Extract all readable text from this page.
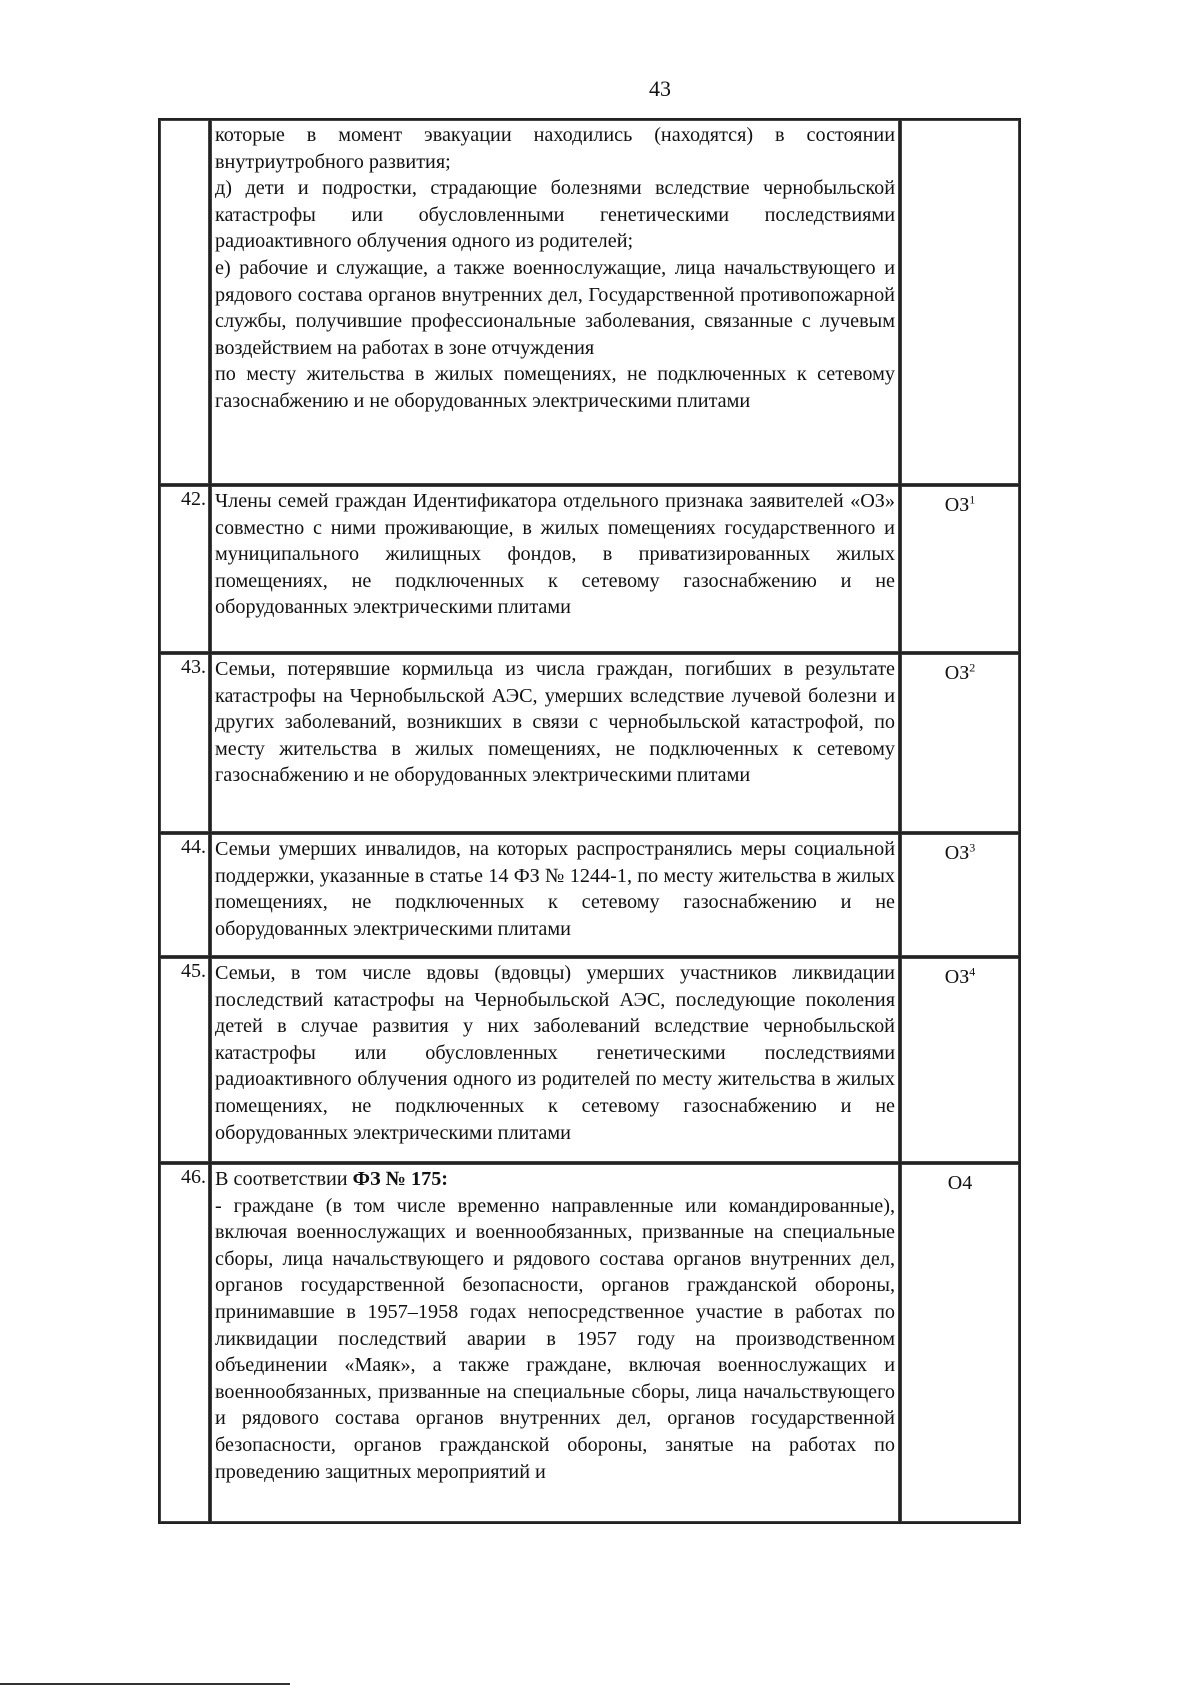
43

	которые в момент эвакуации находились (находятся) в состоянии внутриутробного развития;
д) дети и подростки, страдающие болезнями вследствие чернобыльской катастрофы или обусловленными генетическими последствиями радиоактивного облучения одного из родителей;
е) рабочие и служащие, а также военнослужащие, лица начальствующего и рядового состава органов внутренних дел, Государственной противопожарной службы, получившие профессиональные заболевания, связанные с лучевым воздействием на работах в зоне отчуждения
по месту жительства в жилых помещениях, не подключенных к сетевому газоснабжению и не оборудованных электрическими плитами	

42.	Члены семей граждан Идентификатора отдельного признака заявителей «ОЗ» совместно с ними проживающие, в жилых помещениях государственного и муниципального жилищных фондов, в приватизированных жилых помещениях, не подключенных к сетевому газоснабжению и не оборудованных электрическими плитами	$ОЗ^1$
43.	Семьи, потерявшие кормильца из числа граждан, погибших в результате катастрофы на Чернобыльской АЭС, умерших вследствие лучевой болезни и других заболеваний, возникших в связи с чернобыльской катастрофой, по месту жительства в жилых помещениях, не подключенных к сетевому газоснабжению и не оборудованных электрическими плитами	$ОЗ^2$
44.	Семьи умерших инвалидов, на которых распространялись меры социальной поддержки, указанные в статье 14 ФЗ № 1244-1, по месту жительства в жилых помещениях, не подключенных к сетевому газоснабжению и не оборудованных электрическими плитами	$ОЗ^3$
45.	Семьи, в том числе вдовы (вдовцы) умерших участников ликвидации последствий катастрофы на Чернобыльской АЭС, последующие поколения детей в случае развития у них заболеваний вследствие чернобыльской катастрофы или обусловленных генетическими последствиями радиоактивного облучения одного из родителей по месту жительства в жилых помещениях, не подключенных к сетевому газоснабжению и не оборудованных электрическими плитами	$ОЗ^4$
46.	В соответствии ФЗ № 175:
- граждане (в том числе временно направленные или командированные), включая военнослужащих и военнообязанных, призванные на специальные сборы, лица начальствующего и рядового состава органов внутренних дел, органов государственной безопасности, органов гражданской обороны, принимавшие в 1957–1958 годах непосредственное участие в работах по ликвидации последствий аварии в 1957 году на производственном объединении «Маяк», а также граждане, включая военнослужащих и военнообязанных, призванные на специальные сборы, лица начальствующего и рядового состава органов внутренних дел, органов государственной безопасности, органов гражданской обороны, занятые на работах по проведению защитных мероприятий и	О4
